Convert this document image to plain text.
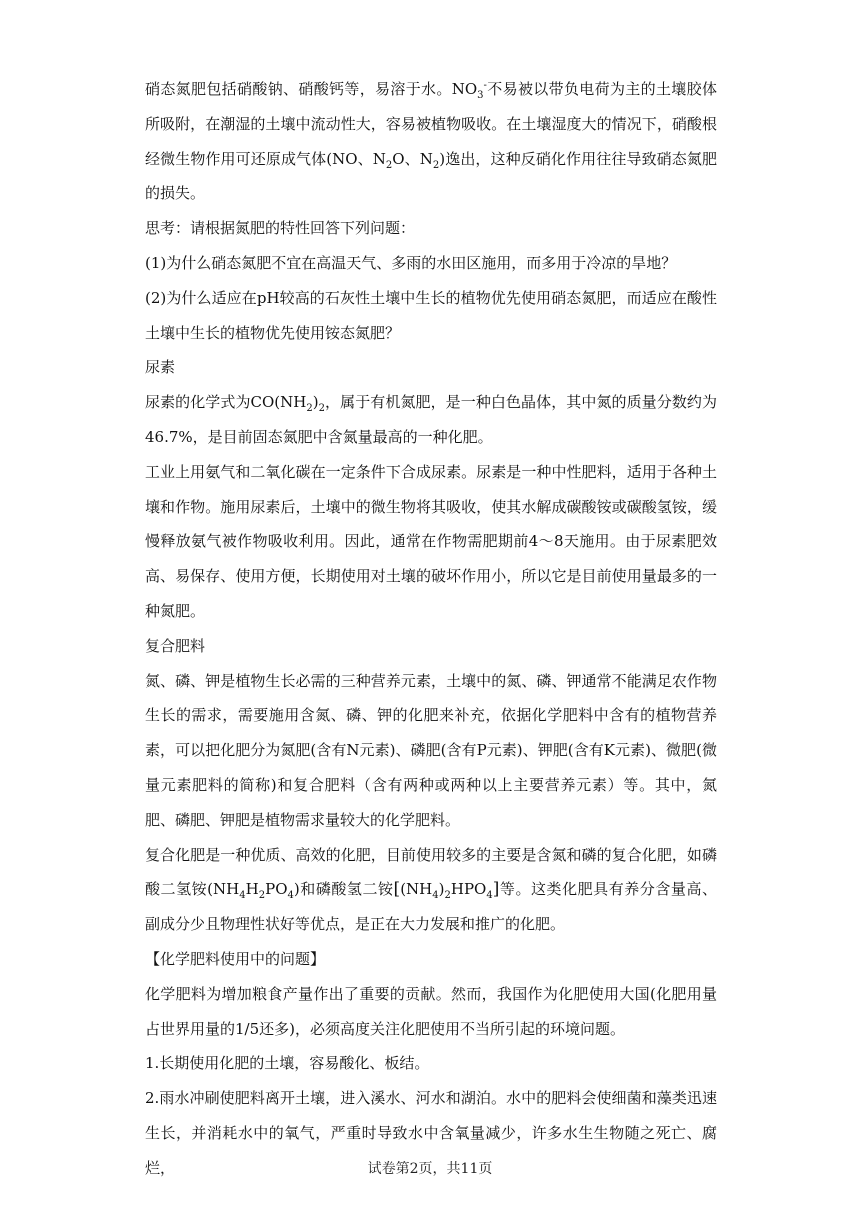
硝态氮肥包括硝酸钠、硝酸钙等，易溶于水。$NO_3^-$不易被以带负电荷为主的土壤胶体所吸附，在潮湿的土壤中流动性大，容易被植物吸收。在土壤湿度大的情况下，硝酸根经微生物作用可还原成气体(NO、$N_2O$、$N_2$)逸出，这种反硝化作用往往导致硝态氮肥的损失。

思考：请根据氮肥的特性回答下列问题：

(1)为什么硝态氮肥不宜在高温天气、多雨的水田区施用，而多用于冷凉的旱地？

(2)为什么适应在pH较高的石灰性土壤中生长的植物优先使用硝态氮肥，而适应在酸性土壤中生长的植物优先使用铵态氮肥？

尿素

尿素的化学式为$CO(NH_2)_2$，属于有机氮肥，是一种白色晶体，其中氮的质量分数约为46.7%，是目前固态氮肥中含氮量最高的一种化肥。

工业上用氨气和二氧化碳在一定条件下合成尿素。尿素是一种中性肥料，适用于各种土壤和作物。施用尿素后，土壤中的微生物将其吸收，使其水解成碳酸铵或碳酸氢铵，缓慢释放氨气被作物吸收利用。因此，通常在作物需肥期前4～8天施用。由于尿素肥效高、易保存、使用方便，长期使用对土壤的破坏作用小，所以它是目前使用量最多的一种氮肥。

复合肥料

氮、磷、钾是植物生长必需的三种营养元素，土壤中的氮、磷、钾通常不能满足农作物生长的需求，需要施用含氮、磷、钾的化肥来补充，依据化学肥料中含有的植物营养素，可以把化肥分为氮肥(含有N元素)、磷肥(含有P元素)、钾肥(含有K元素)、微肥(微量元素肥料的简称)和复合肥料（含有两种或两种以上主要营养元素）等。其中，氮肥、磷肥、钾肥是植物需求量较大的化学肥料。

复合化肥是一种优质、高效的化肥，目前使用较多的主要是含氮和磷的复合化肥，如磷酸二氢铵$(NH_4H_2PO_4)$和磷酸氢二铵$[(NH_4)_2HPO_4]$等。这类化肥具有养分含量高、副成分少且物理性状好等优点，是正在大力发展和推广的化肥。

【化学肥料使用中的问题】

化学肥料为增加粮食产量作出了重要的贡献。然而，我国作为化肥使用大国(化肥用量占世界用量的1/5还多)，必须高度关注化肥使用不当所引起的环境问题。

1.长期使用化肥的土壤，容易酸化、板结。

2.雨水冲刷使肥料离开土壤，进入溪水、河水和湖泊。水中的肥料会使细菌和藻类迅速生长，并消耗水中的氧气，严重时导致水中含氧量减少，许多水生生物随之死亡、腐烂，	试卷第2页，共11页
